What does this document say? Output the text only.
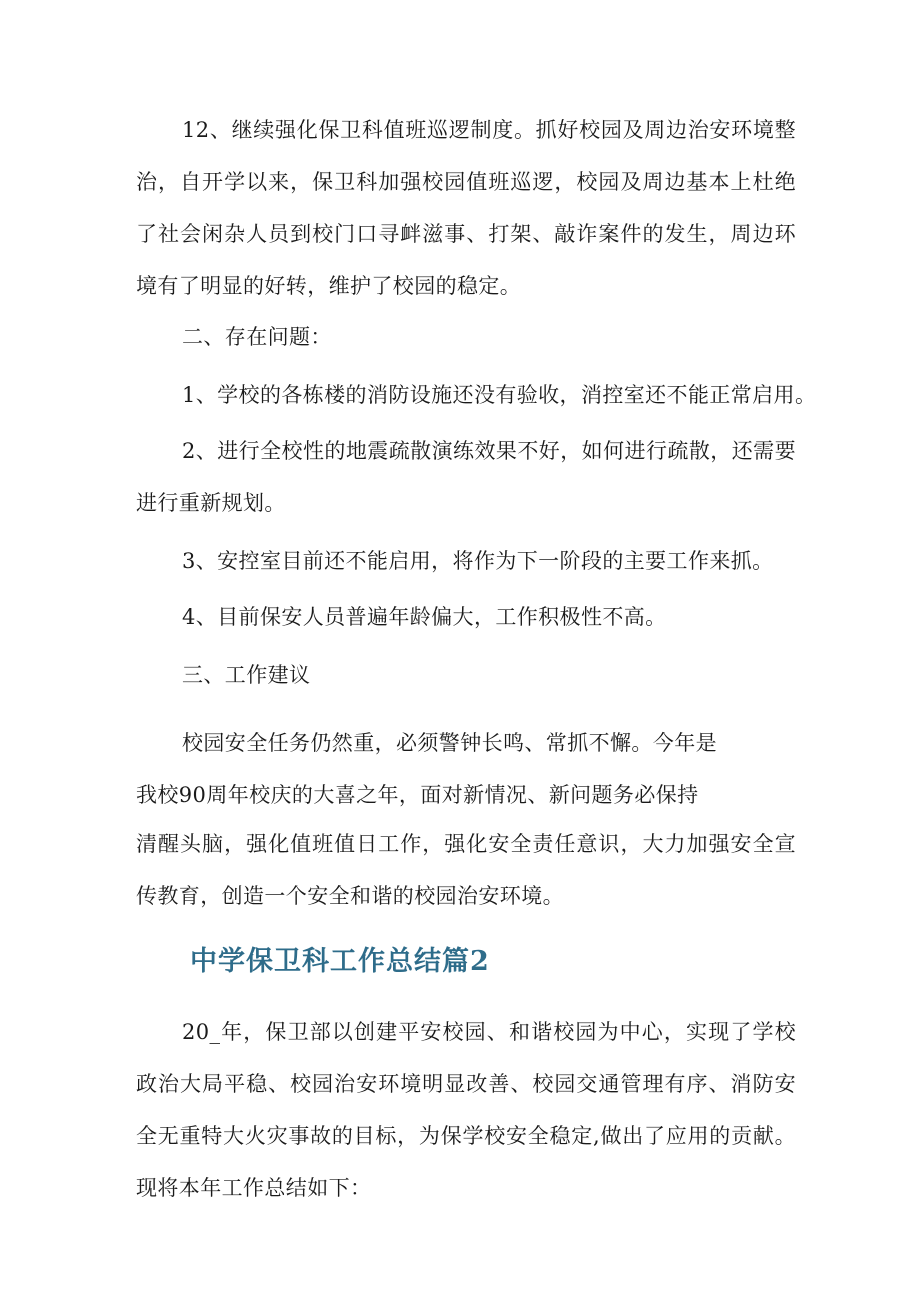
12、继续强化保卫科值班巡逻制度。抓好校园及周边治安环境整治，自开学以来，保卫科加强校园值班巡逻，校园及周边基本上杜绝了社会闲杂人员到校门口寻衅滋事、打架、敲诈案件的发生，周边环境有了明显的好转，维护了校园的稳定。

二、存在问题：

1、学校的各栋楼的消防设施还没有验收，消控室还不能正常启用。

2、进行全校性的地震疏散演练效果不好，如何进行疏散，还需要进行重新规划。

3、安控室目前还不能启用，将作为下一阶段的主要工作来抓。

4、目前保安人员普遍年龄偏大，工作积极性不高。

三、工作建议

校园安全任务仍然重，必须警钟长鸣、常抓不懈。今年是

我校90周年校庆的大喜之年，面对新情况、新问题务必保持

清醒头脑，强化值班值日工作，强化安全责任意识，大力加强安全宣传教育，创造一个安全和谐的校园治安环境。

中学保卫科工作总结篇2

20_年，保卫部以创建平安校园、和谐校园为中心，实现了学校政治大局平稳、校园治安环境明显改善、校园交通管理有序、消防安全无重特大火灾事故的目标，为保学校安全稳定,做出了应用的贡献。现将本年工作总结如下：
